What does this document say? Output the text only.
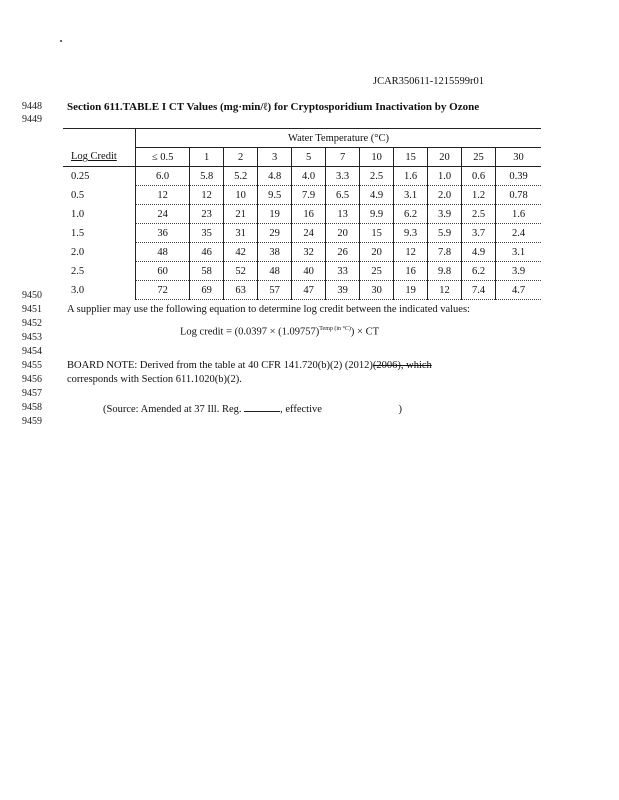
JCAR350611-1215599r01
9448
9449
Section 611.TABLE I CT Values (mg·min/ℓ) for Cryptosporidium Inactivation by Ozone
	Water Temperature (°C)										
Log Credit	≤ 0.5	1	2	3	5	7	10	15	20	25	30
0.25	6.0	5.8	5.2	4.8	4.0	3.3	2.5	1.6	1.0	0.6	0.39
0.5	12	12	10	9.5	7.9	6.5	4.9	3.1	2.0	1.2	0.78
1.0	24	23	21	19	16	13	9.9	6.2	3.9	2.5	1.6
1.5	36	35	31	29	24	20	15	9.3	5.9	3.7	2.4
2.0	48	46	42	38	32	26	20	12	7.8	4.9	3.1
2.5	60	58	52	48	40	33	25	16	9.8	6.2	3.9
3.0	72	69	63	57	47	39	30	19	12	7.4	4.7
9450
9451 A supplier may use the following equation to determine log credit between the indicated values:
9452
9453	Log credit = $(0.0397 \times (1.09757)^{Temp (in ^\circ C)})$ × CT
9454
9455 BOARD NOTE: Derived from the table at 40 CFR 141.720(b)(2) (2012)(2006), which
9456 corresponds with Section 611.1020(b)(2).
9457
9458	(Source: Amended at 37 Ill. Reg.	, effective	)
9459
